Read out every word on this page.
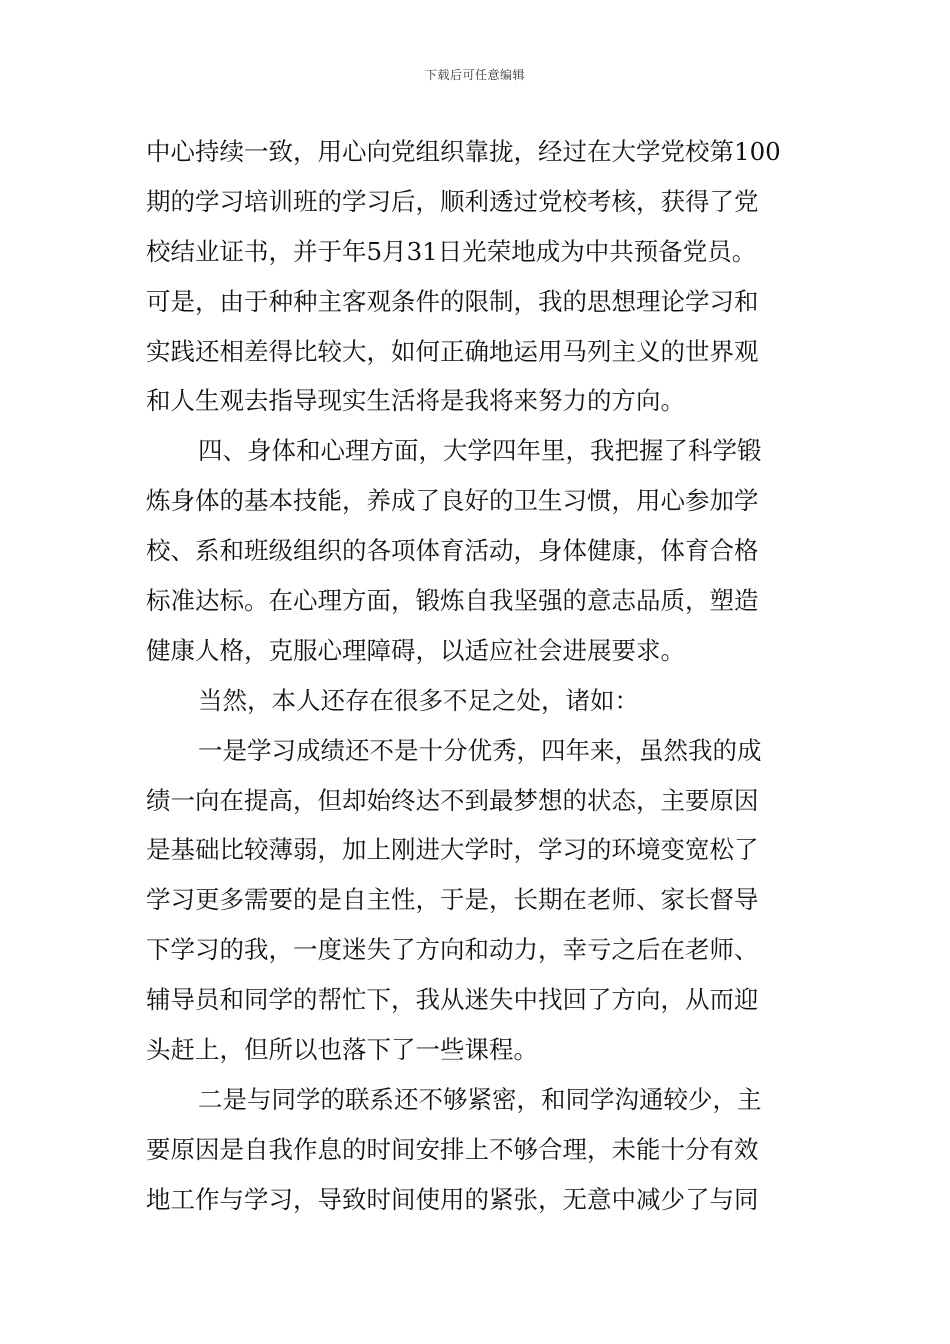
下载后可任意编辑
中心持续一致，用心向党组织靠拢，经过在大学党校第100
期的学习培训班的学习后，顺利透过党校考核，获得了党
校结业证书，并于年5月31日光荣地成为中共预备党员。
可是，由于种种主客观条件的限制，我的思想理论学习和
实践还相差得比较大，如何正确地运用马列主义的世界观
和人生观去指导现实生活将是我将来努力的方向。
四、身体和心理方面，大学四年里，我把握了科学锻
炼身体的基本技能，养成了良好的卫生习惯，用心参加学
校、系和班级组织的各项体育活动，身体健康，体育合格
标准达标。在心理方面，锻炼自我坚强的意志品质，塑造
健康人格，克服心理障碍，以适应社会进展要求。
当然，本人还存在很多不足之处，诸如：
一是学习成绩还不是十分优秀，四年来，虽然我的成
绩一向在提高，但却始终达不到最梦想的状态，主要原因
是基础比较薄弱，加上刚进大学时，学习的环境变宽松了
学习更多需要的是自主性，于是，长期在老师、家长督导
下学习的我，一度迷失了方向和动力，幸亏之后在老师、
辅导员和同学的帮忙下，我从迷失中找回了方向，从而迎
头赶上，但所以也落下了一些课程。
二是与同学的联系还不够紧密，和同学沟通较少，主
要原因是自我作息的时间安排上不够合理，未能十分有效
地工作与学习，导致时间使用的紧张，无意中减少了与同
